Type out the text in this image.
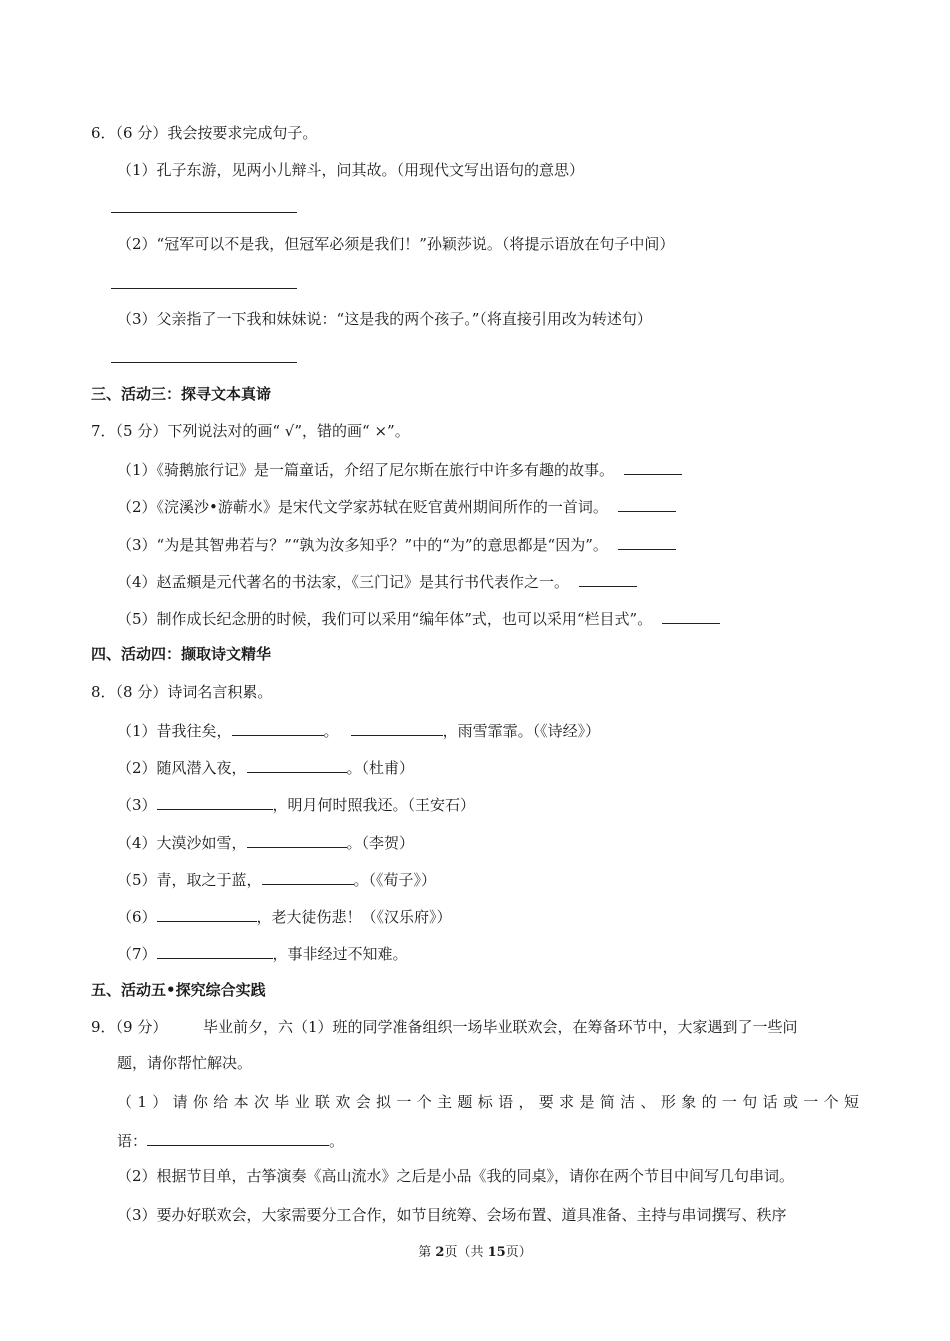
6．（6 分）我会按要求完成句子。
（1）孔子东游，见两小儿辩斗，问其故。（用现代文写出语句的意思）
（2）“冠军可以不是我，但冠军必须是我们！”孙颖莎说。（将提示语放在句子中间）
（3）父亲指了一下我和妹妹说：“这是我的两个孩子。”（将直接引用改为转述句）
三、活动三：探寻文本真谛
7．（5 分）下列说法对的画“ √”，错的画“ ×”。
（1）《骑鹅旅行记》是一篇童话，介绍了尼尔斯在旅行中许多有趣的故事。
（2）《浣溪沙•游蕲水》是宋代文学家苏轼在贬官黄州期间所作的一首词。
（3）“为是其智弗若与？”“孰为汝多知乎？”中的“为”的意思都是“因为”。
（4）赵孟頫是元代著名的书法家，《三门记》是其行书代表作之一。
（5）制作成长纪念册的时候，我们可以采用“编年体”式，也可以采用“栏目式”。
四、活动四：撷取诗文精华
8．（8 分）诗词名言积累。
（1）昔我往矣，	。	，雨雪霏霏。（《诗经》）
（2）随风潜入夜，	。（杜甫）
（3）	，明月何时照我还。（王安石）
（4）大漠沙如雪，	。（李贺）
（5）青，取之于蓝，	。（《荀子》）
（6）	，老大徒伤悲！（《汉乐府》）
（7）	，事非经过不知难。
五、活动五•探究综合实践
9．（9 分） 毕业前夕，六（1）班的同学准备组织一场毕业联欢会，在筹备环节中，大家遇到了一些问
题，请你帮忙解决。
（1）请你给本次毕业联欢会拟一个主题标语，要求是简洁、形象的一句话或一个短
语：	。
（2）根据节目单，古筝演奏《高山流水》之后是小品《我的同桌》，请你在两个节目中间写几句串词。
（3）要办好联欢会，大家需要分工合作，如节目统筹、会场布置、道具准备、主持与串词撰写、秩序
第 2页（共 15页）
